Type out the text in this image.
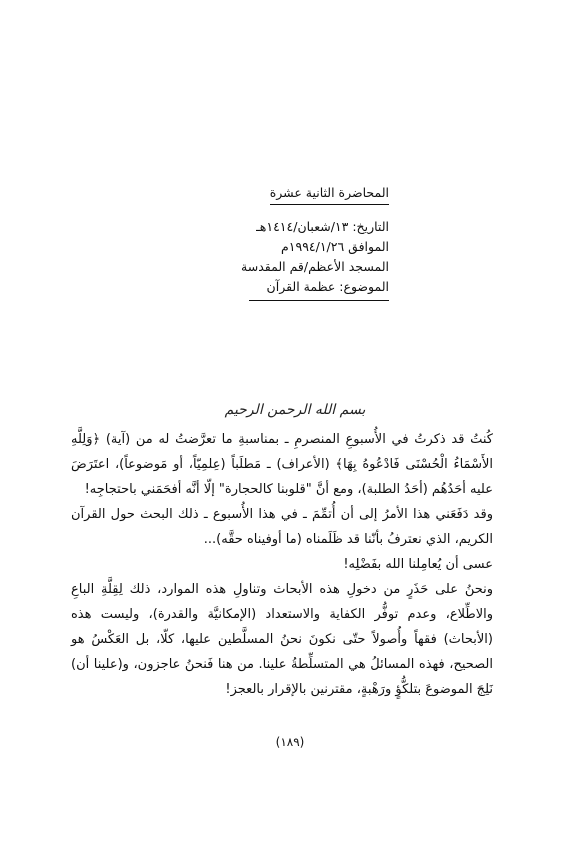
المحاضرة الثانية عشرة
التاريخ: ١٣/شعبان/١٤١٤هـ
الموافق ١٩٩٤/١/٢٦م
المسجد الأعظم/قم المقدسة
الموضوع: عظمة القرآن
بسم الله الرحمن الرحيم

كُنتُ قد ذكرتُ في الأُسبوعِ المنصرمِ ـ بمناسبةِ ما تعرَّضتُ له من (آية) ﴿وَلِلَّهِ الأَسْمَاءُ الْحُسْنَى فَادْعُوهُ بِهَا﴾ (الأعراف) ـ مَطلَباً (عِلمِيّاً، أو مَوضوعاً)، اعتَرَضَ عليه أحَدُهُم (أحَدُ الطلبة)، ومع أنَّ "قلوبنا كالحجارة" إلّا أنَّه أفحَمَني باحتجاجِه!

وقد دَفَعَني هذا الأمرُ إلى أن أُتمِّمَ ـ في هذا الأُسبوع ـ ذلك البحث حول القرآن الكريم، الذي نعترفُ بأنّنا قد ظَلَمناه (ما أوفيناه حقَّه)...

عسى أن يُعامِلنا الله بفَضْلِه!

ونحنُ على حَذَرٍ من دخولِ هذه الأبحاث وتناولِ هذه الموارد، ذلك لِقِلَّةِ الباعِ والاطِّلاع، وعدم توفُّر الكفاية والاستعداد (الإمكانيَّة والقدرة)، وليست هذه (الأبحاث) فقهاً وأُصولاً حتّى نكونَ نحنُ المسلَّطين عليها، كلّا، بل العَكْسُ هو الصحيح، فهذه المسائلُ هي المتسلِّطةُ علينا. من هنا فَنحنُ عاجزون، و(علينا أن) نَلِجَ الموضوعَ بتلكُّؤٍ ورَهْبةٍ، مقترنين بالإقرار بالعجز!

(١٨٩)
